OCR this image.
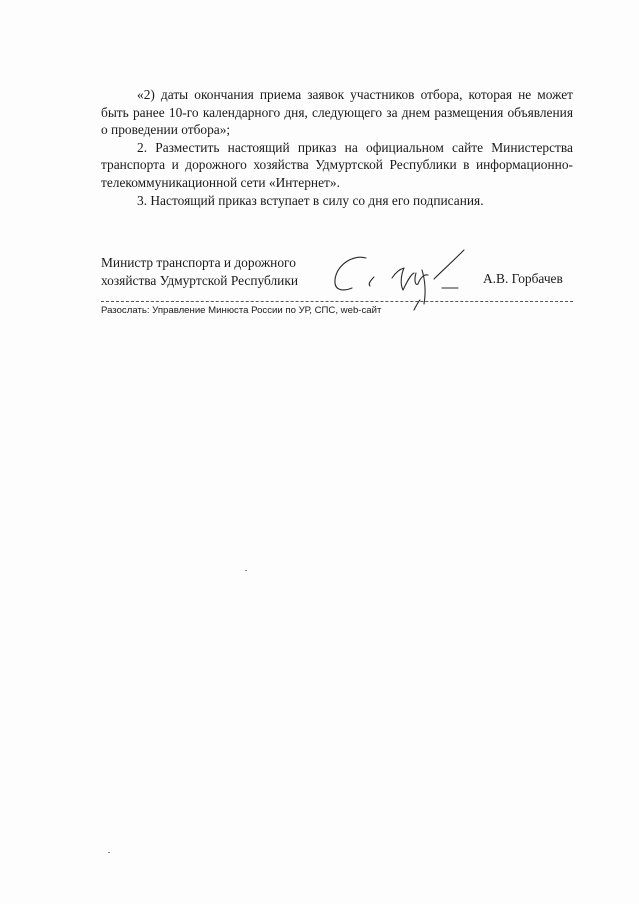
«2) даты окончания приема заявок участников отбора, которая не может быть ранее 10-го календарного дня, следующего за днем размещения объявления о проведении отбора»;

2. Разместить настоящий приказ на официальном сайте Министерства транспорта и дорожного хозяйства Удмуртской Республики в информационно-телекоммуникационной сети «Интернет».

3. Настоящий приказ вступает в силу со дня его подписания.

Министр транспорта и дорожного
хозяйства Удмуртской Республики	А.В. Горбачев
Разослать: Управление Минюста России по УР, СПС, web-сайт
